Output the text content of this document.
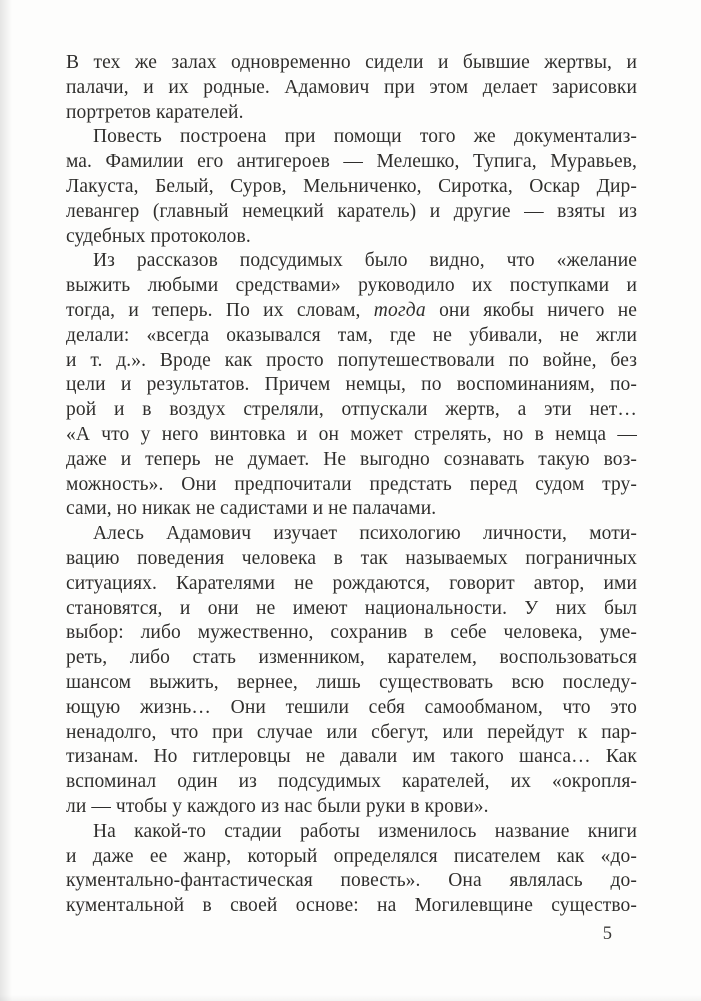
В тех же залах одновременно сидели и бывшие жертвы, и
палачи, и их родные. Адамович при этом делает зарисовки
портретов карателей.
Повесть построена при помощи того же документализ-
ма. Фамилии его антигероев — Мелешко, Тупига, Муравьев,
Лакуста, Белый, Суров, Мельниченко, Сиротка, Оскар Дир-
левангер (главный немецкий каратель) и другие — взяты из
судебных протоколов.
Из рассказов подсудимых было видно, что «желание
выжить любыми средствами» руководило их поступками и
тогда, и теперь. По их словам, тогда они якобы ничего не
делали: «всегда оказывался там, где не убивали, не жгли
и т. д.». Вроде как просто попутешествовали по войне, без
цели и результатов. Причем немцы, по воспоминаниям, по-
рой и в воздух стреляли, отпускали жертв, а эти нет…
«А что у него винтовка и он может стрелять, но в немца —
даже и теперь не думает. Не выгодно сознавать такую воз-
можность». Они предпочитали предстать перед судом тру-
сами, но никак не садистами и не палачами.
Алесь Адамович изучает психологию личности, моти-
вацию поведения человека в так называемых пограничных
ситуациях. Карателями не рождаются, говорит автор, ими
становятся, и они не имеют национальности. У них был
выбор: либо мужественно, сохранив в себе человека, уме-
реть, либо стать изменником, карателем, воспользоваться
шансом выжить, вернее, лишь существовать всю последу-
ющую жизнь… Они тешили себя самообманом, что это
ненадолго, что при случае или сбегут, или перейдут к пар-
тизанам. Но гитлеровцы не давали им такого шанса… Как
вспоминал один из подсудимых карателей, их «окропля-
ли — чтобы у каждого из нас были руки в крови».
На какой-то стадии работы изменилось название книги
и даже ее жанр, который определялся писателем как «до-
кументально-фантастическая повесть». Она являлась до-
кументальной в своей основе: на Могилевщине существо-
5
